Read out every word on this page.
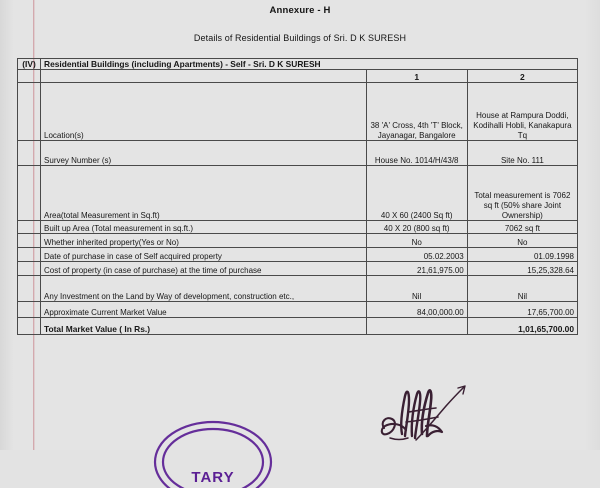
Annexure - H
Details of Residential Buildings of Sri. D K SURESH
(IV)	Residential Buildings (including Apartments) - Self - Sri. D K SURESH		
		1	2
	Location(s)	38 'A' Cross, 4th 'T' Block, Jayanagar, Bangalore	House at Rampura Doddi, Kodihalli Hobli, Kanakapura Tq
	Survey Number (s)	House No. 1014/H/43/8	Site No. 111
	Area(total Measurement in Sq.ft)	40 X 60 (2400 Sq ft)	Total measurement is 7062 sq ft (50% share Joint Ownership)
	Built up Area (Total measurement in sq.ft.)	40 X 20 (800 sq ft)	7062 sq ft
	Whether inherited property(Yes or No)	No	No
	Date of purchase in case of Self acquired property	05.02.2003	01.09.1998
	Cost of property (in case of purchase) at the time of purchase	21,61,975.00	15,25,328.64
	Any Investment on the Land by Way of development, construction etc.,	Nil	Nil
	Approximate Current Market Value	84,00,000.00	17,65,700.00
	Total Market Value ( In Rs.)		1,01,65,700.00
TARY
